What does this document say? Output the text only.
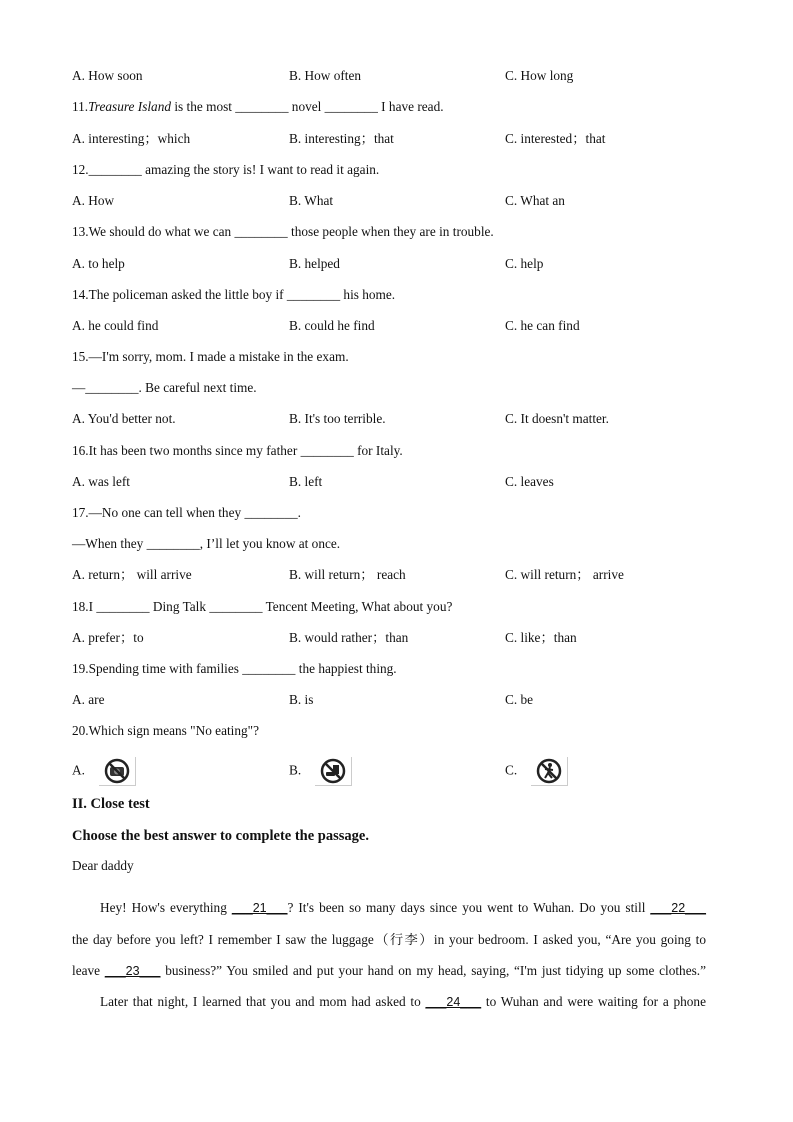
A. How soon	B. How often	C. How long
11.Treasure Island is the most ________ novel ________ I have read.
A. interesting；which	B. interesting；that	C. interested；that
12.________ amazing the story is! I want to read it again.
A. How	B. What	C. What an
13.We should do what we can ________ those people when they are in trouble.
A. to help	B. helped	C. help
14.The policeman asked the little boy if ________ his home.
A. he could find	B. could he find	C. he can find
15.—I'm sorry, mom. I made a mistake in the exam.
—________. Be careful next time.
A. You'd better not.	B. It's too terrible.	C. It doesn't matter.
16.It has been two months since my father ________ for Italy.
A. was left	B. left	C. leaves
17.—No one can tell when they ________.
—When they ________, I’ll let you know at once.
A. return； will arrive	B. will return； reach	C. will return； arrive
18.I ________ Ding Talk ________ Tencent Meeting, What about you?
A. prefer；to	B. would rather；than	C. like；than
19.Spending time with families ________ the happiest thing.
A. are	B. is	C. be
20.Which sign means "No eating"?
A.	B.	C.
II. Close test
Choose the best answer to complete the passage.
Dear daddy
Hey! How's everything ___21___? It's been so many days since you went to Wuhan. Do you still ___22___
the day before you left? I remember I saw the luggage（行李）in your bedroom. I asked you, “Are you going to
leave ___23___ business?” You smiled and put your hand on my head, saying, “I'm just tidying up some clothes.”
Later that night, I learned that you and mom had asked to ___24___ to Wuhan and were waiting for a phone
